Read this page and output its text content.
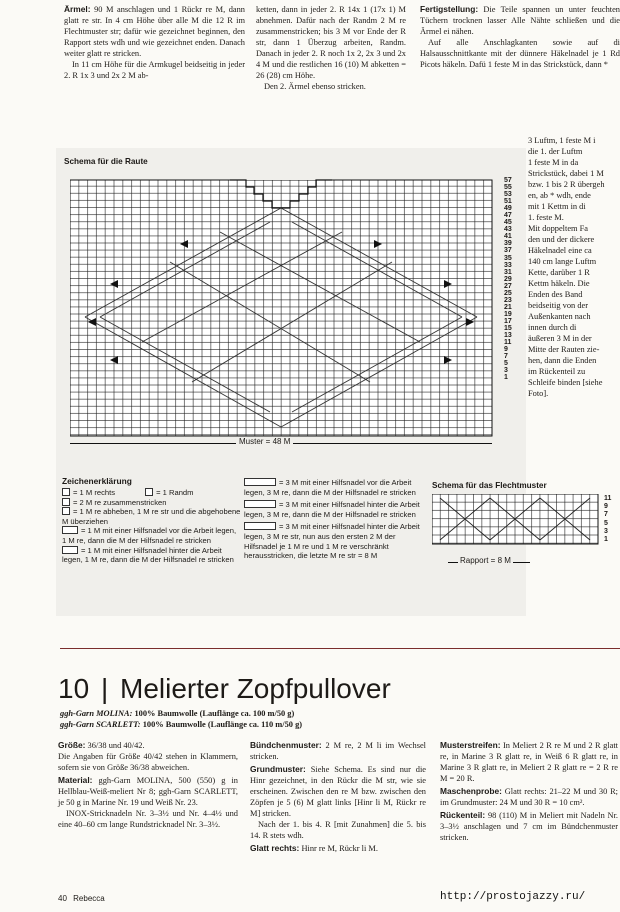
Ärmel: 90 M anschlagen und 1 Rückr re M, dann glatt re str. In 4 cm Höhe über alle M die 12 R im Flechtmuster str; dafür wie gezeichnet beginnen, den Rapport stets wdh und wie gezeichnet enden. Danach weiter glatt re stricken.

In 11 cm Höhe für die Armkugel beidseitig in jeder 2. R 1x 3 und 2x 2 M ab-

ketten, dann in jeder 2. R 14x 1 (17x 1) M abnehmen. Dafür nach der Randm 2 M re zusammenstricken; bis 3 M vor Ende der R str, dann 1 Überzug arbeiten, Randm. Danach in jeder 2. R noch 1x 2, 2x 3 und 2x 4 M und die restlichen 16 (10) M abketten = 26 (28) cm Höhe.

Den 2. Ärmel ebenso stricken.

Fertigstellung: Die Teile spannen un unter feuchten Tüchern trocknen lasser Alle Nähte schließen und die Ärmel ei nähen.

Auf alle Anschlagkanten sowie auf di Halsausschnittkante mit der dünnere Häkelnadel je 1 Rd Picots häkeln. Dafü 1 feste M in das Strickstück, dann *

Schema für die Raute
57
55
53
51
49
47
45
43
41
39
37
35
33
31
29
27
25
23
21
19
17
15
13
11
9
7
5
3
1
Muster = 48 M
3 Luftm, 1 feste M i
die 1. der Luftm
1 feste M in da
Strickstück, dabei 1 M
bzw. 1 bis 2 R übergeh
en, ab * wdh, ende
mit 1 Kettm in di
1. feste M.
Mit doppeltem Fa
den und der dickere
Häkelnadel eine ca
140 cm lange Luftm
Kette, darüber 1 R
Kettm häkeln. Die
Enden des Band
beidseitig von der
Außenkanten nach
innen durch di
äußeren 3 M in der
Mitte der Rauten zie-
hen, dann die Enden
im Rückenteil zu
Schleife binden [siehe
Foto].
Zeichenerklärung
= 1 M rechts	= 1 Randm
= 2 M re zusammenstricken
= 1 M re abheben, 1 M re str und die abgehobene M überziehen
= 1 M mit einer Hilfsnadel vor die Arbeit legen, 1 M re, dann die M der Hilfsnadel re stricken
= 1 M mit einer Hilfsnadel hinter die Arbeit legen, 1 M re, dann die M der Hilfsnadel re stricken
= 3 M mit einer Hilfsnadel vor die Arbeit legen, 3 M re, dann die M der Hilfsnadel re stricken
= 3 M mit einer Hilfsnadel hinter die Arbeit legen, 3 M re, dann die M der Hilfsnadel re stricken
= 3 M mit einer Hilfsnadel hinter die Arbeit legen, 3 M re str, nun aus den ersten 2 M der Hilfsnadel je 1 M re und 1 M re verschränkt herausstricken, die letzte M re str = 8 M
Schema für das Flechtmuster
11
9
7
5
3
1
Rapport = 8 M
10 | Melierter Zopfpullover
ggh-Garn MOLINA: 100% Baumwolle (Lauflänge ca. 100 m/50 g)
ggh-Garn SCARLETT: 100% Baumwolle (Lauflänge ca. 110 m/50 g)

Größe: 36/38 und 40/42.

Die Angaben für Größe 40/42 stehen in Klammern, sofern sie von Größe 36/38 abweichen.

Material: ggh-Garn MOLINA, 500 (550) g in Hellblau-Weiß-meliert Nr 8; ggh-Garn SCARLETT, je 50 g in Marine Nr. 19 und Weiß Nr. 23.

INOX-Stricknadeln Nr. 3–3½ und Nr. 4–4½ und eine 40–60 cm lange Rundstricknadel Nr. 3–3½.

Bündchenmuster: 2 M re, 2 M li im Wechsel stricken.

Grundmuster: Siehe Schema. Es sind nur die Hinr gezeichnet, in den Rückr die M str, wie sie erscheinen. Zwischen den re M bzw. zwischen den Zöpfen je 5 (6) M glatt links [Hinr li M, Rückr re M] stricken.

Nach der 1. bis 4. R [mit Zunahmen] die 5. bis 14. R stets wdh.

Glatt rechts: Hinr re M, Rückr li M.

Musterstreifen: In Meliert 2 R re M und 2 R glatt re, in Marine 3 R glatt re, in Weiß 6 R glatt re, in Marine 3 R glatt re, in Meliert 2 R glatt re = 2 R re M = 20 R.

Maschenprobe: Glatt rechts: 21–22 M und 30 R; im Grundmuster: 24 M und 30 R = 10 cm².

Rückenteil: 98 (110) M in Meliert mit Nadeln Nr. 3–3½ anschlagen und 7 cm im Bündchenmuster stricken.

40 Rebecca	http://prostojazzy.ru/
